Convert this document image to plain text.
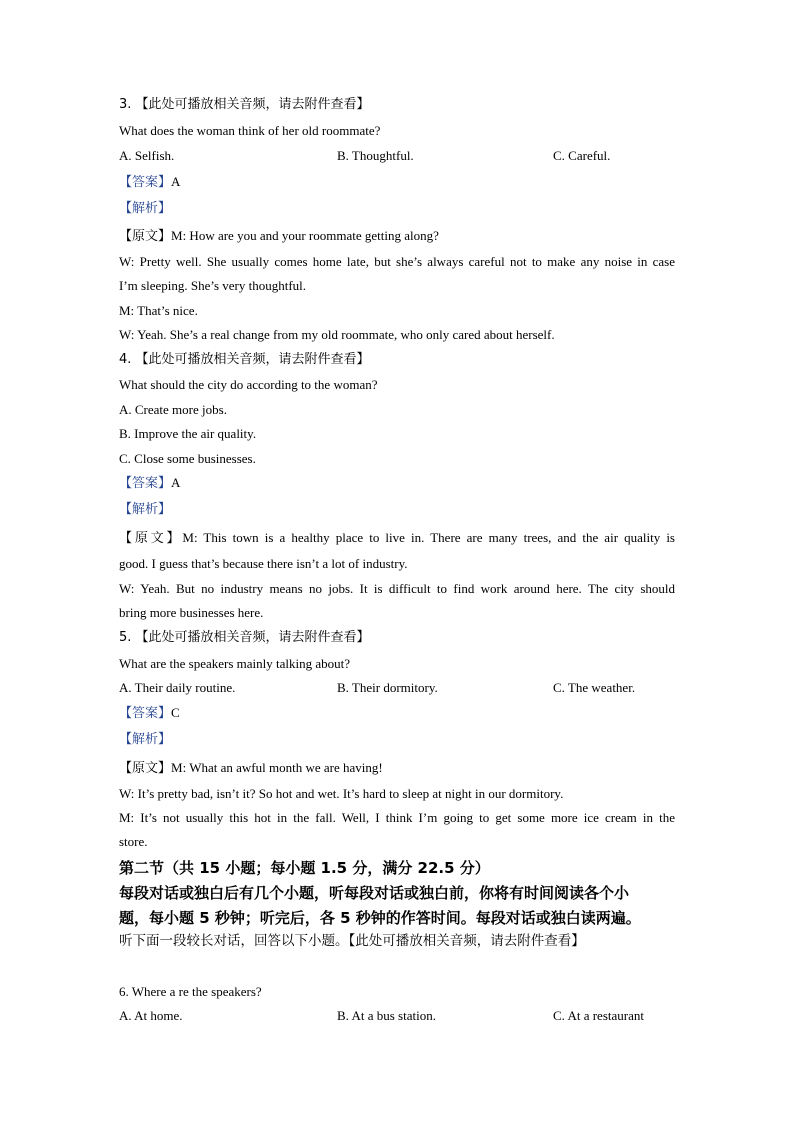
3. 【此处可播放相关音频，请去附件查看】
What does the woman think of her old roommate?
A. Selfish.	B. Thoughtful.	C. Careful.
【答案】A
【解析】
【原文】M: How are you and your roommate getting along?
W: Pretty well. She usually comes home late, but she’s always careful not to make any noise in case
I’m sleeping. She’s very thoughtful.
M: That’s nice.
W: Yeah. She’s a real change from my old roommate, who only cared about herself.
4. 【此处可播放相关音频，请去附件查看】
What should the city do according to the woman?
A. Create more jobs.
B. Improve the air quality.
C. Close some businesses.
【答案】A
【解析】
【原文】M: This town is a healthy place to live in. There are many trees, and the air quality is
good. I guess that’s because there isn’t a lot of industry.
W: Yeah. But no industry means no jobs. It is difficult to find work around here. The city should
bring more businesses here.
5. 【此处可播放相关音频，请去附件查看】
What are the speakers mainly talking about?
A. Their daily routine.	B. Their dormitory.	C. The weather.
【答案】C
【解析】
【原文】M: What an awful month we are having!
W: It’s pretty bad, isn’t it? So hot and wet. It’s hard to sleep at night in our dormitory.
M: It’s not usually this hot in the fall. Well, I think I’m going to get some more ice cream in the
store.
第二节（共 15 小题；每小题 1.5 分，满分 22.5 分）
每段对话或独白后有几个小题，听每段对话或独白前，你将有时间阅读各个小
题，每小题 5 秒钟；听完后，各 5 秒钟的作答时间。每段对话或独白读两遍。
听下面一段较长对话，回答以下小题。【此处可播放相关音频，请去附件查看】
6. Where a re the speakers?
A. At home.	B. At a bus station.	C. At a restaurant
